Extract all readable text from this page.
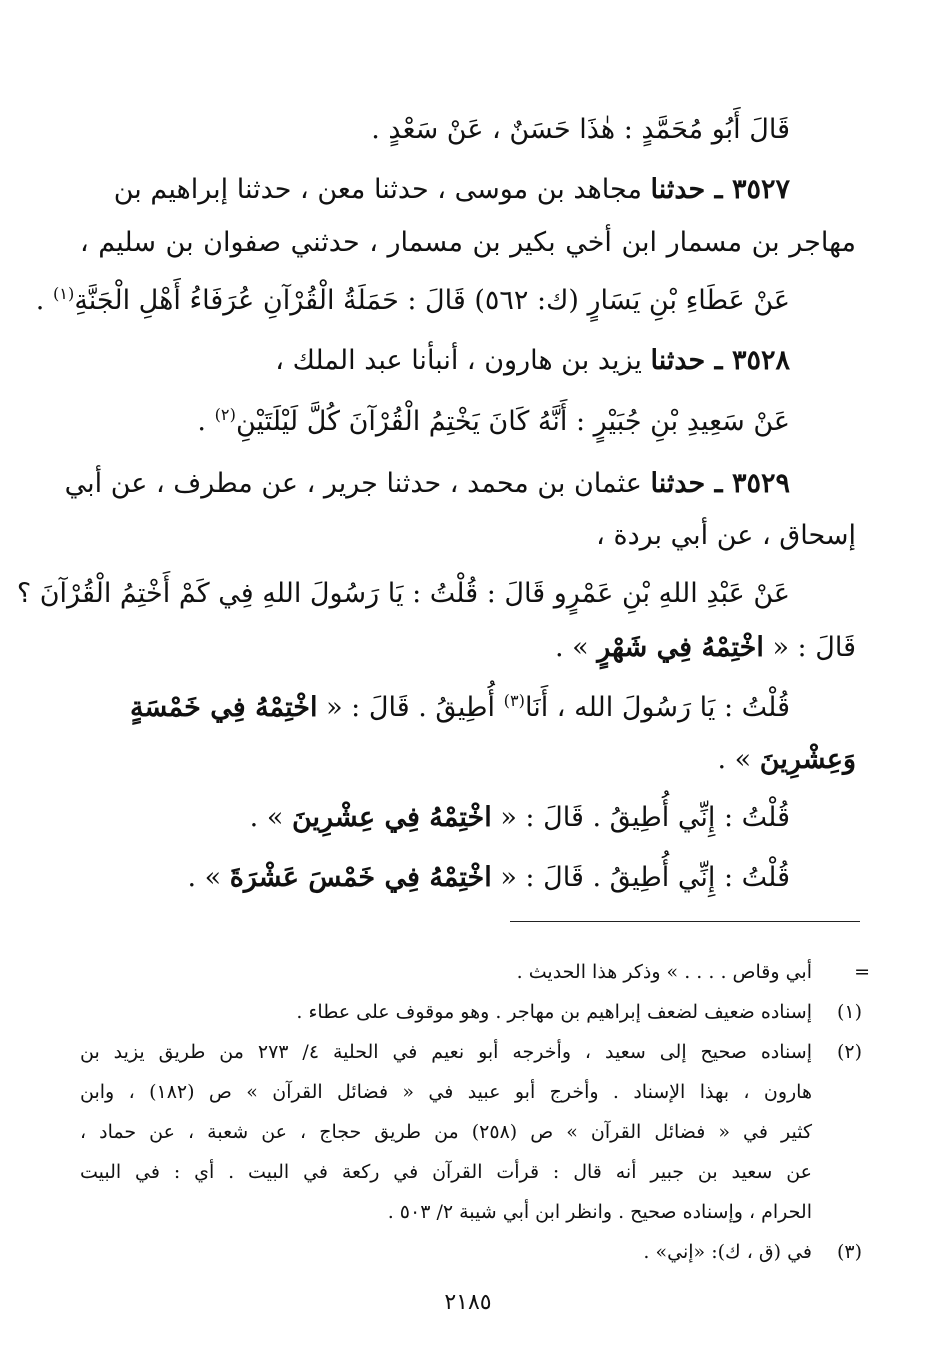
قَالَ أَبُو مُحَمَّدٍ : هٰذَا حَسَنٌ ، عَنْ سَعْدٍ .
٣٥٢٧ ـ حدثنا مجاهد بن موسى ، حدثنا معن ، حدثنا إبراهيم بن
مهاجر بن مسمار ابن أخي بكير بن مسمار ، حدثني صفوان بن سليم ،
عَنْ عَطَاءِ بْنِ يَسَارٍ (ك: ٥٦٢) قَالَ : حَمَلَةُ الْقُرْآنِ عُرَفَاءُ أَهْلِ الْجَنَّةِ$^{(١)}$ .
٣٥٢٨ ـ حدثنا يزيد بن هارون ، أنبأنا عبد الملك ،
عَنْ سَعِيدِ بْنِ جُبَيْرٍ : أَنَّهُ كَانَ يَخْتِمُ الْقُرْآنَ كُلَّ لَيْلَتَيْنِ$^{(٢)}$ .
٣٥٢٩ ـ حدثنا عثمان بن محمد ، حدثنا جرير ، عن مطرف ، عن أبي
إسحاق ، عن أبي بردة ،
عَنْ عَبْدِ اللهِ بْنِ عَمْرٍو قَالَ : قُلْتُ : يَا رَسُولَ اللهِ فِي كَمْ أَخْتِمُ الْقُرْآنَ ؟
قَالَ : « اخْتِمْهُ فِي شَهْرٍ » .
قُلْتُ : يَا رَسُولَ الله ، أَنَا$^{(٣)}$ أُطِيقُ . قَالَ : « اخْتِمْهُ فِي خَمْسَةٍ
وَعِشْرِينَ » .
قُلْتُ : إِنِّي أُطِيقُ . قَالَ : « اخْتِمْهُ فِي عِشْرِينَ » .
قُلْتُ : إِنِّي أُطِيقُ . قَالَ : « اخْتِمْهُ فِي خَمْسَ عَشْرَةَ » .
=
أبي وقاص . . . . » وذكر هذا الحديث .
(١)
إسناده ضعيف لضعف إبراهيم بن مهاجر . وهو موقوف على عطاء .
(٢)
إسناده صحيح إلى سعيد ، وأخرجه أبو نعيم في الحلية ٤/ ٢٧٣ من طريق يزيد بن
هارون ، بهذا الإسناد . وأخرج أبو عبيد في « فضائل القرآن » ص (١٨٢) ، وابن
كثير في « فضائل القرآن » ص (٢٥٨) من طريق حجاج ، عن شعبة ، عن حماد ،
عن سعيد بن جبير أنه قال : قرأت القرآن في ركعة في البيت . أي : في البيت
الحرام ، وإسناده صحيح . وانظر ابن أبي شيبة ٢/ ٥٠٣ .
(٣)
في (ق ، ك): «إني» .
٢١٨٥
